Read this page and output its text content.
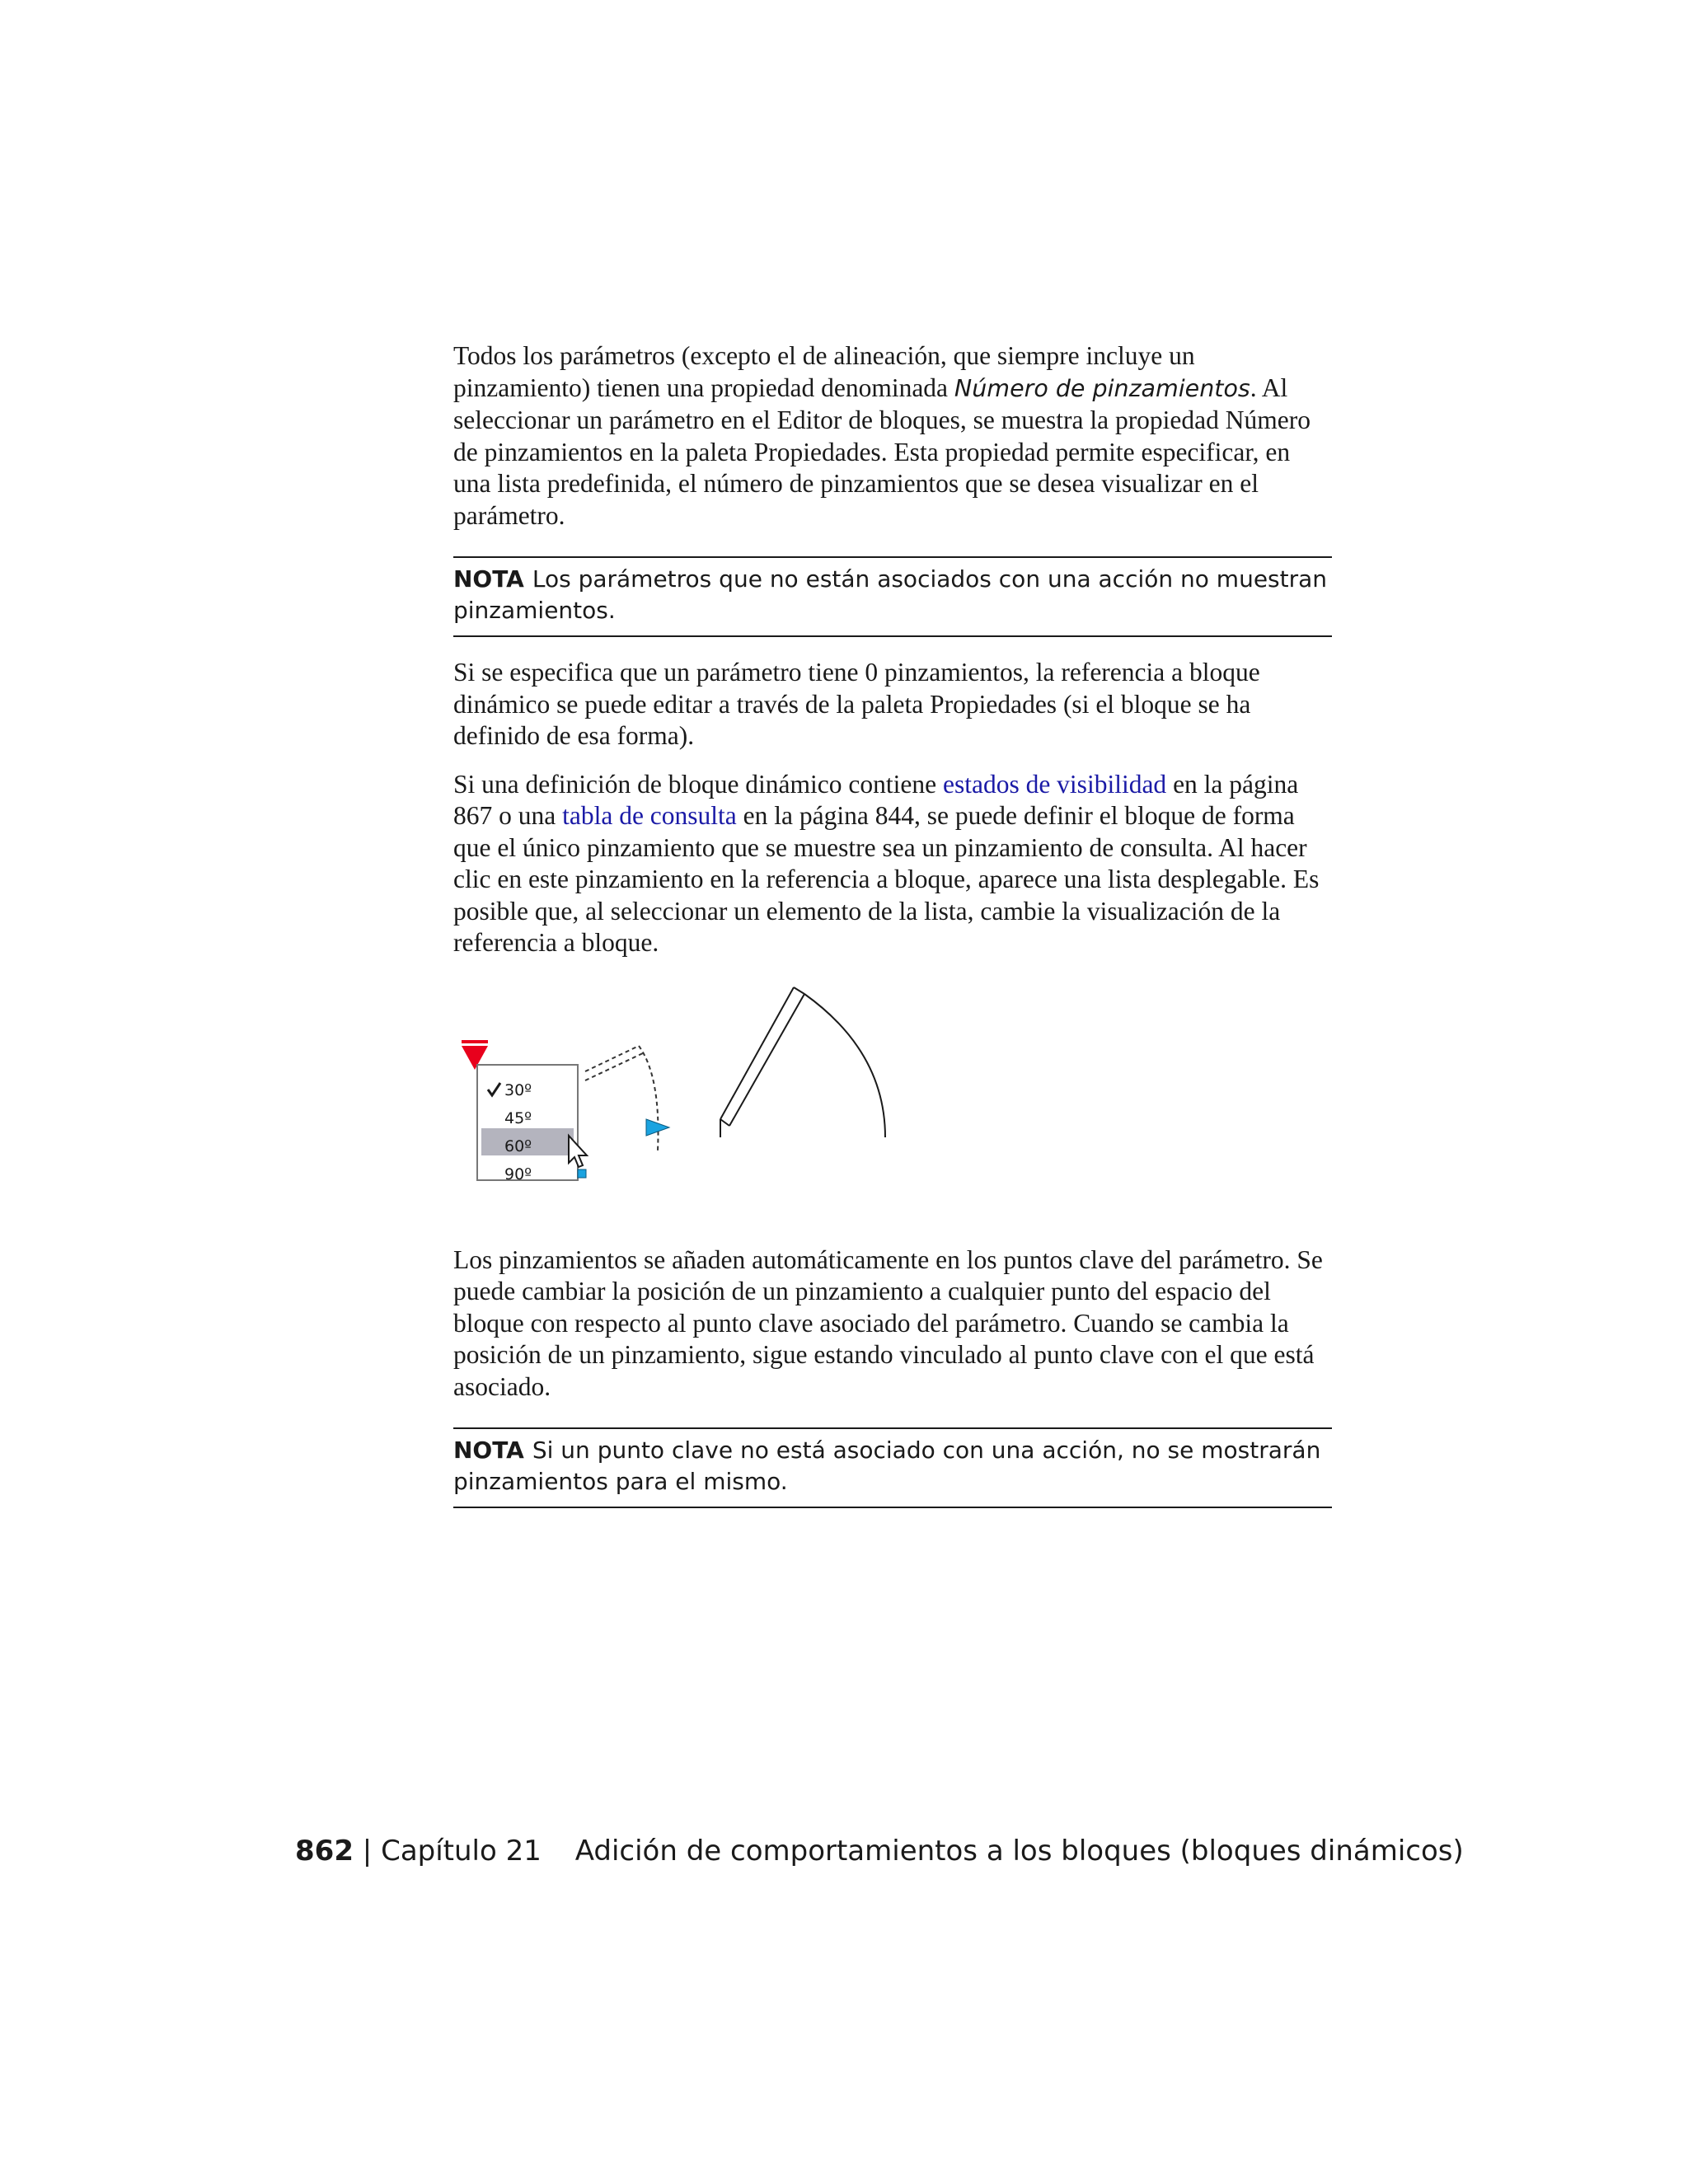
Todos los parámetros (excepto el de alineación, que siempre incluye un pinzamiento) tienen una propiedad denominada Número de pinzamientos. Al seleccionar un parámetro en el Editor de bloques, se muestra la propiedad Número de pinzamientos en la paleta Propiedades. Esta propiedad permite especificar, en una lista predefinida, el número de pinzamientos que se desea visualizar en el parámetro.

NOTA Los parámetros que no están asociados con una acción no muestran pinzamientos.

Si se especifica que un parámetro tiene 0 pinzamientos, la referencia a bloque dinámico se puede editar a través de la paleta Propiedades (si el bloque se ha definido de esa forma).

Si una definición de bloque dinámico contiene estados de visibilidad en la página 867 o una tabla de consulta en la página 844, se puede definir el bloque de forma que el único pinzamiento que se muestre sea un pinzamiento de consulta. Al hacer clic en este pinzamiento en la referencia a bloque, aparece una lista desplegable. Es posible que, al seleccionar un elemento de la lista, cambie la visualización de la referencia a bloque.

30º
45º
60º
90º

Los pinzamientos se añaden automáticamente en los puntos clave del parámetro. Se puede cambiar la posición de un pinzamiento a cualquier punto del espacio del bloque con respecto al punto clave asociado del parámetro. Cuando se cambia la posición de un pinzamiento, sigue estando vinculado al punto clave con el que está asociado.

NOTA Si un punto clave no está asociado con una acción, no se mostrarán pinzamientos para el mismo.
862 | Capítulo 21 Adición de comportamientos a los bloques (bloques dinámicos)
